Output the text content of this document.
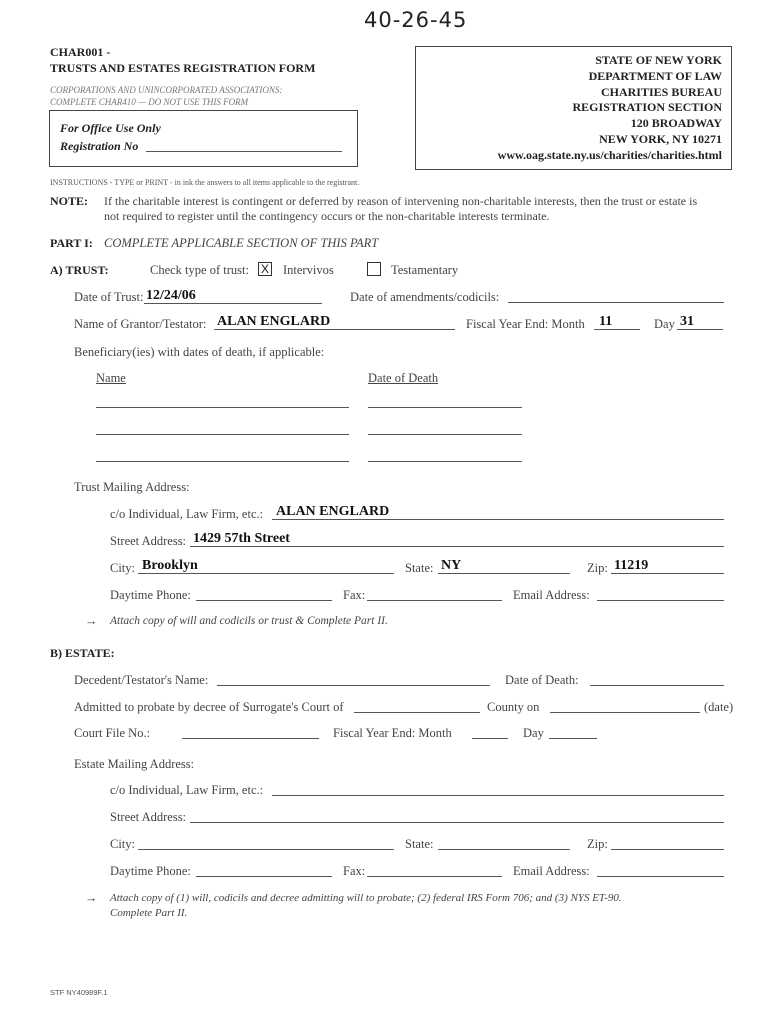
40-26-45
CHAR001 -
TRUSTS AND ESTATES REGISTRATION FORM
CORPORATIONS AND UNINCORPORATED ASSOCIATIONS:
COMPLETE CHAR410 — DO NOT USE THIS FORM
For Office Use Only
Registration No
STATE OF NEW YORK
DEPARTMENT OF LAW
CHARITIES BUREAU
REGISTRATION SECTION
120 BROADWAY
NEW YORK, NY 10271
www.oag.state.ny.us/charities/charities.html
INSTRUCTIONS - TYPE or PRINT - in ink the answers to all items applicable to the registrant.
NOTE: If the charitable interest is contingent or deferred by reason of intervening non-charitable interests, then the trust or estate is
not required to register until the contingency occurs or the non-charitable interests terminate.
PART I: COMPLETE APPLICABLE SECTION OF THIS PART
A) TRUST:	Check type of trust: X Intervivos	Testamentary
Date of Trust: 12/24/06	Date of amendments/codicils:
Name of Grantor/Testator: ALAN ENGLARD	Fiscal Year End: Month 11	Day 31
Beneficiary(ies) with dates of death, if applicable:
Name	Date of Death
Trust Mailing Address:
c/o Individual, Law Firm, etc.: ALAN ENGLARD
Street Address: 1429 57th Street
City: Brooklyn	State: NY	Zip: 11219
Daytime Phone:	Fax:	Email Address:
→ Attach copy of will and codicils or trust & Complete Part II.
B) ESTATE:
Decedent/Testator's Name:	Date of Death:
Admitted to probate by decree of Surrogate's Court of	County on	(date)
Court File No.:	Fiscal Year End: Month	Day
Estate Mailing Address:
c/o Individual, Law Firm, etc.:
Street Address:
City:	State:	Zip:
Daytime Phone:	Fax:	Email Address:
→ Attach copy of (1) will, codicils and decree admitting will to probate; (2) federal IRS Form 706; and (3) NYS ET-90.
Complete Part II.
STF NY40989F.1
